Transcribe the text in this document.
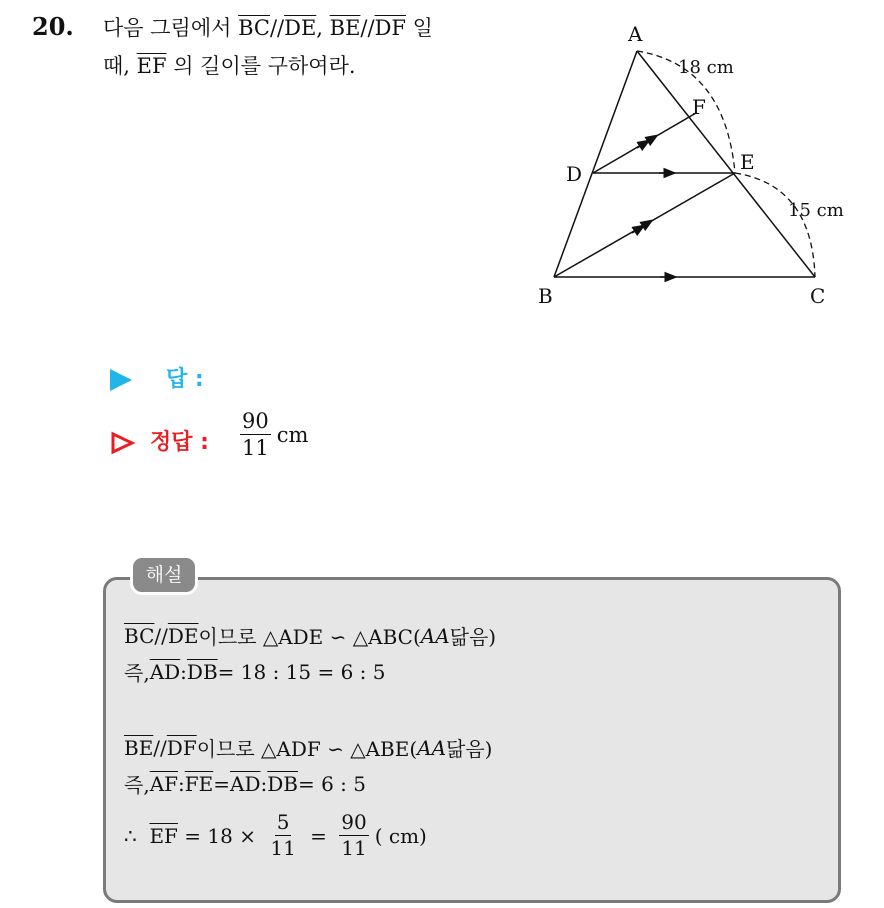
20. 다음 그림에서 $\overline{BC}//\overline{DE}$, $\overline{BE}//\overline{DF}$ 일
때, $\overline{EF}$ 의 길이를 구하여라.
A
B	C
D	E
F
18 cm
15 cm
답 :
정답 : $\frac{90}{11}$ cm
해설
$\overline{BC} // \overline{DE}$ 이므로 △ADE ∽ △ABC( AA 닮음)
즉, $\overline{AD}$ : $\overline{DB} = 18$ : 15 = 6 : 5
$\overline{BE} // \overline{DF}$ 이므로 △ADF ∽ △ABE( AA 닮음)
즉, $\overline{AF}$ : $\overline{FE} = \overline{AD}$ : $\overline{DB} = 6$ : 5
∴ $\overline{EF} = 18 \times \frac{5}{11} = \frac{90}{11}$ ( cm)
